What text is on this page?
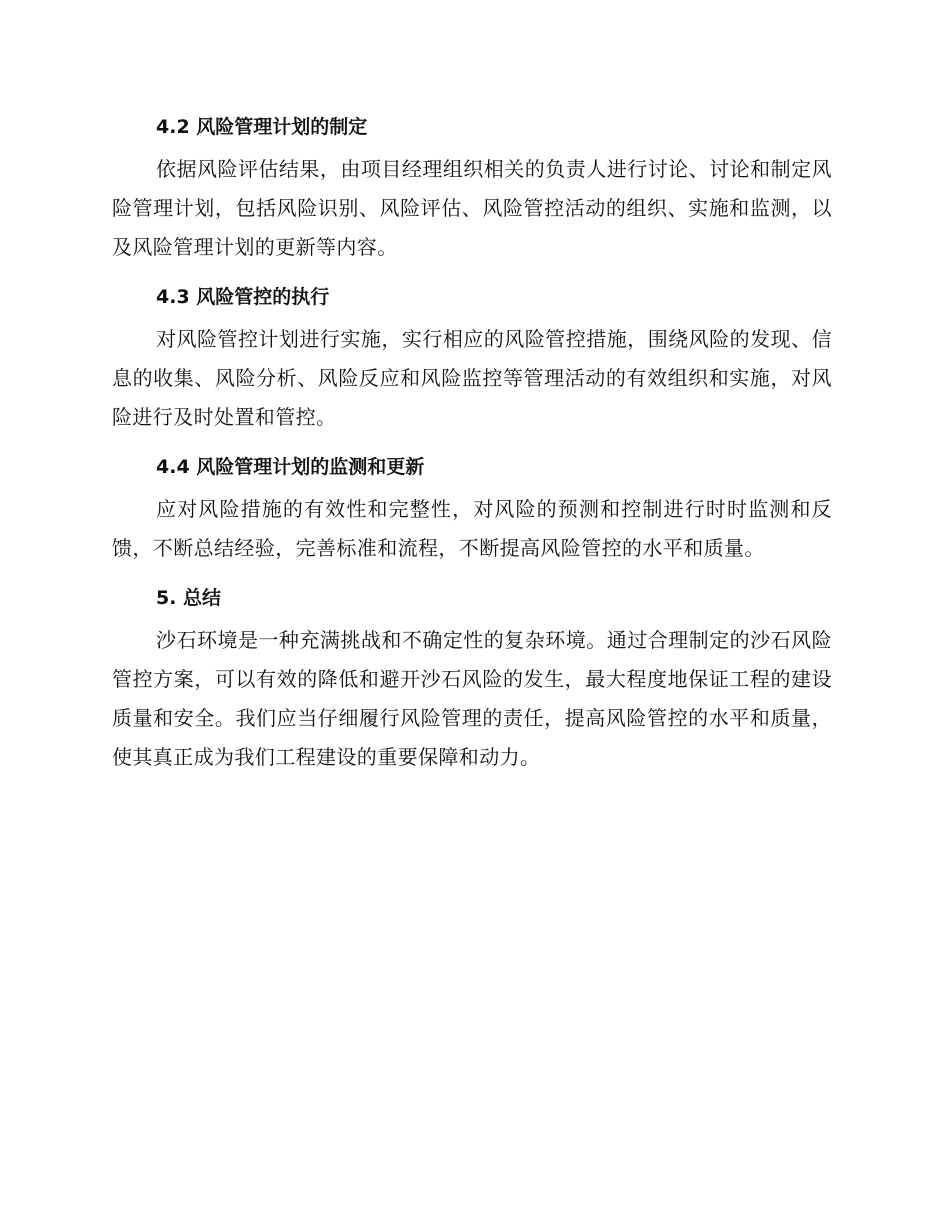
4.2 风险管理计划的制定

依据风险评估结果，由项目经理组织相关的负责人进行讨论、讨论和制定风险管理计划，包括风险识别、风险评估、风险管控活动的组织、实施和监测，以及风险管理计划的更新等内容。

4.3 风险管控的执行

对风险管控计划进行实施，实行相应的风险管控措施，围绕风险的发现、信息的收集、风险分析、风险反应和风险监控等管理活动的有效组织和实施，对风险进行及时处置和管控。

4.4 风险管理计划的监测和更新

应对风险措施的有效性和完整性，对风险的预测和控制进行时时监测和反馈，不断总结经验，完善标准和流程，不断提高风险管控的水平和质量。

5. 总结

沙石环境是一种充满挑战和不确定性的复杂环境。通过合理制定的沙石风险管控方案，可以有效的降低和避开沙石风险的发生，最大程度地保证工程的建设质量和安全。我们应当仔细履行风险管理的责任，提高风险管控的水平和质量，使其真正成为我们工程建设的重要保障和动力。
